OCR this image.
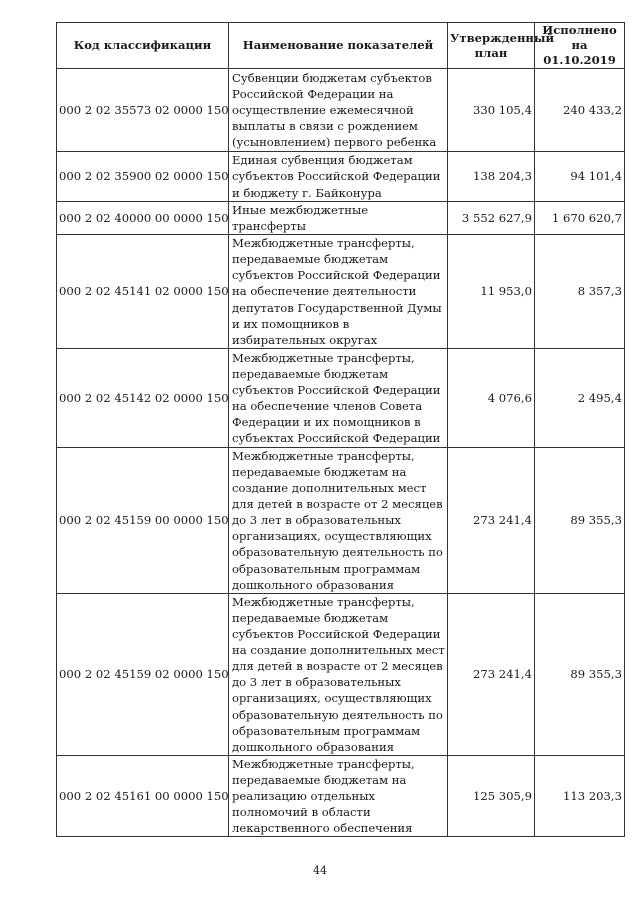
Код классификации	Наименование показателей	Утвержденный план	Исполнено на 01.10.2019
000 2 02 35573 02 0000 150	Субвенции бюджетам субъектов Российской Федерации на осуществление ежемесячной выплаты в связи с рождением (усыновлением) первого ребенка	330 105,4	240 433,2
000 2 02 35900 02 0000 150	Единая субвенция бюджетам субъектов Российской Федерации и бюджету г. Байконура	138 204,3	94 101,4
000 2 02 40000 00 0000 150	Иные межбюджетные трансферты	3 552 627,9	1 670 620,7
000 2 02 45141 02 0000 150	Межбюджетные трансферты, передаваемые бюджетам субъектов Российской Федерации на обеспечение деятельности депутатов Государственной Думы и их помощников в избирательных округах	11 953,0	8 357,3
000 2 02 45142 02 0000 150	Межбюджетные трансферты, передаваемые бюджетам субъектов Российской Федерации на обеспечение членов Совета Федерации и их помощников в субъектах Российской Федерации	4 076,6	2 495,4
000 2 02 45159 00 0000 150	Межбюджетные трансферты, передаваемые бюджетам на создание дополнительных мест для детей в возрасте от 2 месяцев до 3 лет в образовательных организациях, осуществляющих образовательную деятельность по образовательным программам дошкольного образования	273 241,4	89 355,3
000 2 02 45159 02 0000 150	Межбюджетные трансферты, передаваемые бюджетам субъектов Российской Федерации на создание дополнительных мест для детей в возрасте от 2 месяцев до 3 лет в образовательных организациях, осуществляющих образовательную деятельность по образовательным программам дошкольного образования	273 241,4	89 355,3
000 2 02 45161 00 0000 150	Межбюджетные трансферты, передаваемые бюджетам на реализацию отдельных полномочий в области лекарственного обеспечения	125 305,9	113 203,3
44
